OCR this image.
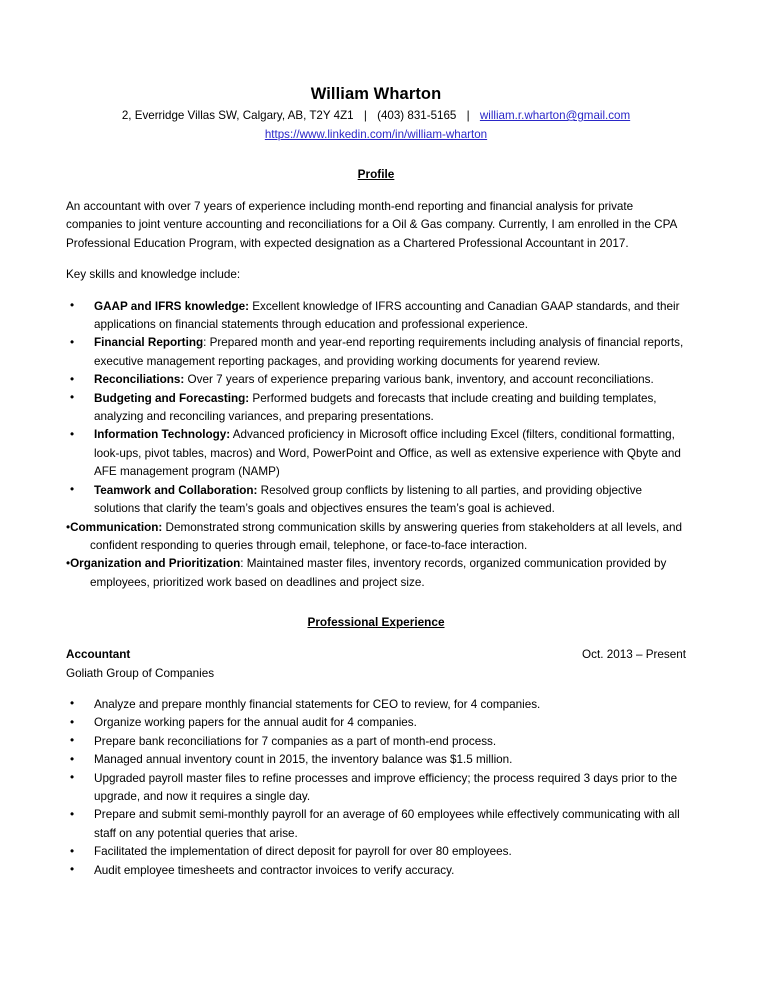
William Wharton
2, Everridge Villas SW, Calgary, AB, T2Y 4Z1 | (403) 831-5165 | william.r.wharton@gmail.com
https://www.linkedin.com/in/william-wharton
Profile

An accountant with over 7 years of experience including month-end reporting and financial analysis for private companies to joint venture accounting and reconciliations for a Oil & Gas company. Currently, I am enrolled in the CPA Professional Education Program, with expected designation as a Chartered Professional Accountant in 2017.

Key skills and knowledge include:

• GAAP and IFRS knowledge: Excellent knowledge of IFRS accounting and Canadian GAAP standards, and their applications on financial statements through education and professional experience.
• Financial Reporting: Prepared month and year-end reporting requirements including analysis of financial reports, executive management reporting packages, and providing working documents for yearend review.
• Reconciliations: Over 7 years of experience preparing various bank, inventory, and account reconciliations.
• Budgeting and Forecasting: Performed budgets and forecasts that include creating and building templates, analyzing and reconciling variances, and preparing presentations.
• Information Technology: Advanced proficiency in Microsoft office including Excel (filters, conditional formatting, look-ups, pivot tables, macros) and Word, PowerPoint and Office, as well as extensive experience with Qbyte and AFE management program (NAMP)
• Teamwork and Collaboration: Resolved group conflicts by listening to all parties, and providing objective solutions that clarify the team’s goals and objectives ensures the team’s goal is achieved.
•Communication: Demonstrated strong communication skills by answering queries from stakeholders at all levels, and confident responding to queries through email, telephone, or face-to-face interaction.
•Organization and Prioritization: Maintained master files, inventory records, organized communication provided by employees, prioritized work based on deadlines and project size.
Professional Experience
Accountant	Oct. 2013 – Present
Goliath Group of Companies
• Analyze and prepare monthly financial statements for CEO to review, for 4 companies.
• Organize working papers for the annual audit for 4 companies.
• Prepare bank reconciliations for 7 companies as a part of month-end process.
• Managed annual inventory count in 2015, the inventory balance was $1.5 million.
• Upgraded payroll master files to refine processes and improve efficiency; the process required 3 days prior to the upgrade, and now it requires a single day.
• Prepare and submit semi-monthly payroll for an average of 60 employees while effectively communicating with all staff on any potential queries that arise.
• Facilitated the implementation of direct deposit for payroll for over 80 employees.
• Audit employee timesheets and contractor invoices to verify accuracy.
